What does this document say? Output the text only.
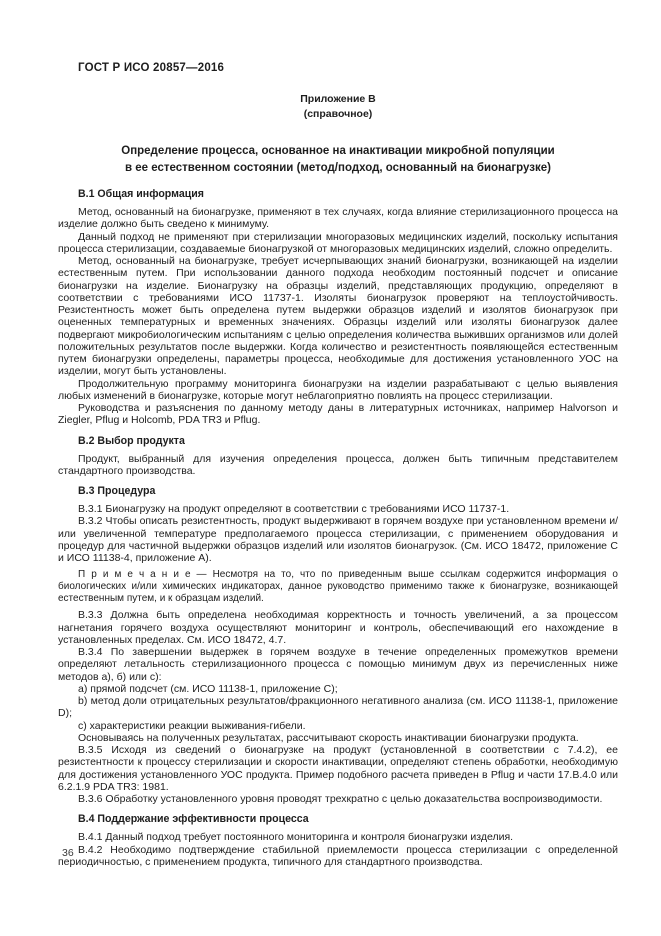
ГОСТ Р ИСО 20857—2016
Приложение В
(справочное)
Определение процесса, основанное на инактивации микробной популяции
в ее естественном состоянии (метод/подход, основанный на бионагрузке)
В.1 Общая информация

Метод, основанный на бионагрузке, применяют в тех случаях, когда влияние стерилизационного процесса на изделие должно быть сведено к минимуму.

Данный подход не применяют при стерилизации многоразовых медицинских изделий, поскольку испытания процесса стерилизации, создаваемые бионагрузкой от многоразовых медицинских изделий, сложно определить.

Метод, основанный на бионагрузке, требует исчерпывающих знаний бионагрузки, возникающей на изделии естественным путем. При использовании данного подхода необходим постоянный подсчет и описание бионагрузки на изделие. Бионагрузку на образцы изделий, представляющих продукцию, определяют в соответствии с требованиями ИСО 11737-1. Изоляты бионагрузок проверяют на теплоустойчивость. Резистентность может быть определена путем выдержки образцов изделий и изолятов бионагрузок при оцененных температурных и временных значениях. Образцы изделий или изоляты бионагрузок далее подвергают микробиологическим испытаниям с целью определения количества выживших организмов или долей положительных результатов после выдержки. Когда количество и резистентность появляющейся естественным путем бионагрузки определены, параметры процесса, необходимые для достижения установленного УОС на изделии, могут быть установлены.

Продолжительную программу мониторинга бионагрузки на изделии разрабатывают с целью выявления любых изменений в бионагрузке, которые могут неблагоприятно повлиять на процесс стерилизации.

Руководства и разъяснения по данному методу даны в литературных источниках, например Halvorson и Ziegler, Pflug и Holcomb, PDA TR3 и Pflug.

В.2 Выбор продукта

Продукт, выбранный для изучения определения процесса, должен быть типичным представителем стандартного производства.

В.3 Процедура

В.3.1 Бионагрузку на продукт определяют в соответствии с требованиями ИСО 11737-1.

В.3.2 Чтобы описать резистентность, продукт выдерживают в горячем воздухе при установленном времени и/или увеличенной температуре предполагаемого процесса стерилизации, с применением оборудования и процедур для частичной выдержки образцов изделий или изолятов бионагрузок. (См. ИСО 18472, приложение С и ИСО 11138-4, приложение А).

П р и м е ч а н и е — Несмотря на то, что по приведенным выше ссылкам содержится информация о биологических и/или химических индикаторах, данное руководство применимо также к бионагрузке, возникающей естественным путем, и к образцам изделий.

В.3.3 Должна быть определена необходимая корректность и точность увеличений, а за процессом нагнетания горячего воздуха осуществляют мониторинг и контроль, обеспечивающий его нахождение в установленных пределах. См. ИСО 18472, 4.7.

В.3.4 По завершении выдержек в горячем воздухе в течение определенных промежутков времени определяют летальность стерилизационного процесса с помощью минимум двух из перечисленных ниже методов а), б) или с):

а) прямой подсчет (см. ИСО 11138-1, приложение С);

b) метод доли отрицательных результатов/фракционного негативного анализа (см. ИСО 11138-1, приложение D);

с) характеристики реакции выживания-гибели.

Основываясь на полученных результатах, рассчитывают скорость инактивации бионагрузки продукта.

В.3.5 Исходя из сведений о бионагрузке на продукт (установленной в соответствии с 7.4.2), ее резистентности к процессу стерилизации и скорости инактивации, определяют степень обработки, необходимую для достижения установленного УОС продукта. Пример подобного расчета приведен в Pflug и части 17.В.4.0 или 6.2.1.9 PDA TR3: 1981.

В.3.6 Обработку установленного уровня проводят трехкратно с целью доказательства воспроизводимости.

В.4 Поддержание эффективности процесса

В.4.1 Данный подход требует постоянного мониторинга и контроля бионагрузки изделия.

В.4.2 Необходимо подтверждение стабильной приемлемости процесса стерилизации с определенной периодичностью, с применением продукта, типичного для стандартного производства.

36
